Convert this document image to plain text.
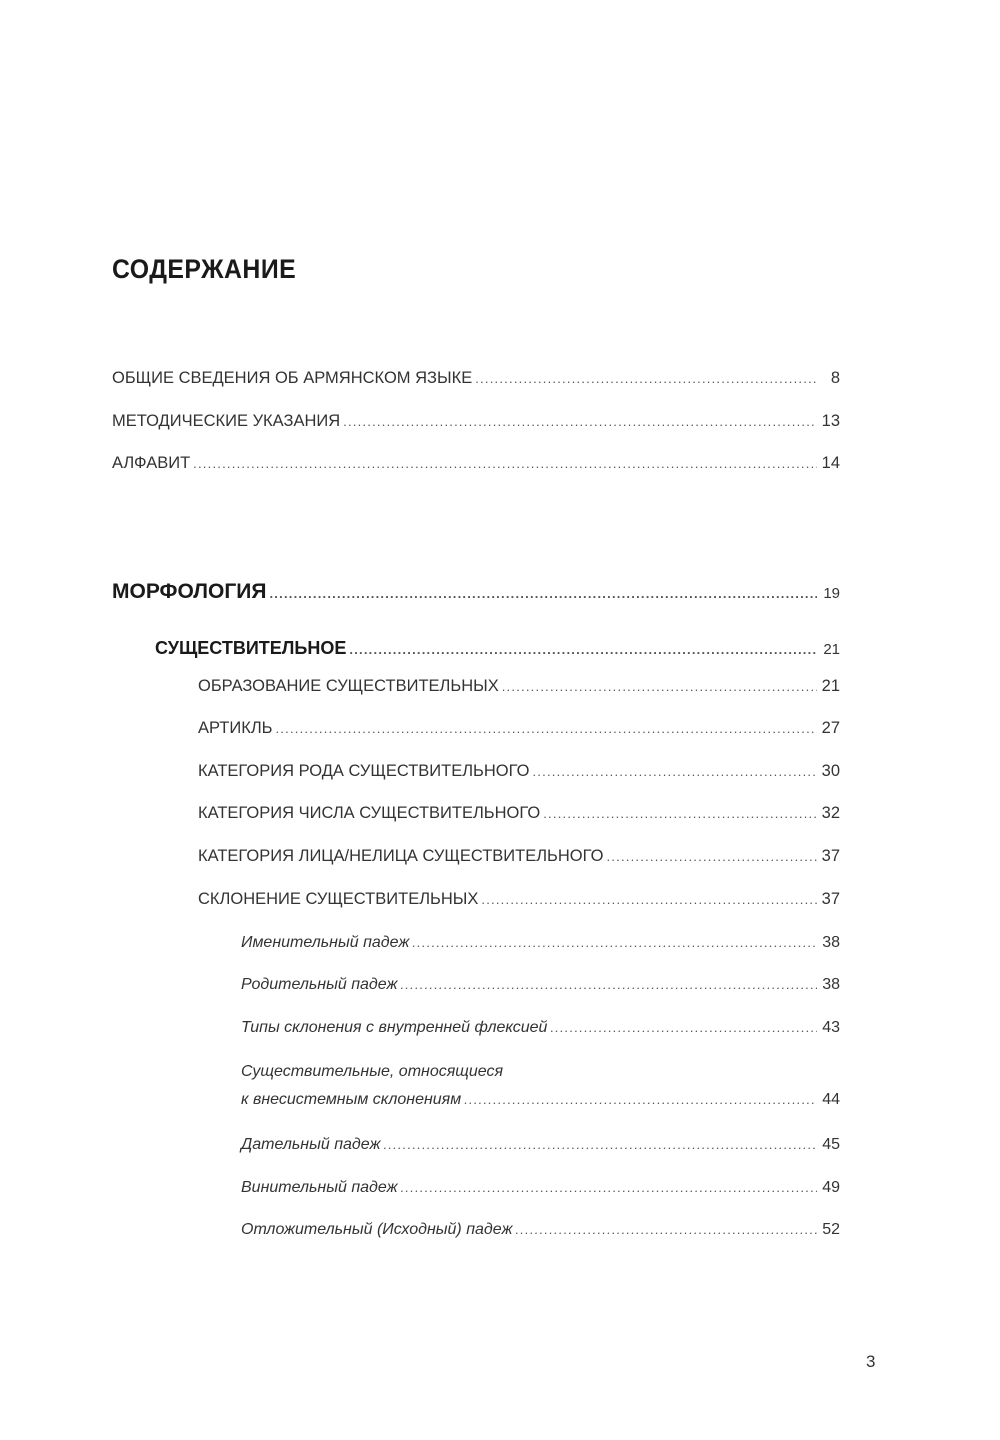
СОДЕРЖАНИЕ
ОБЩИЕ СВЕДЕНИЯ ОБ АРМЯНСКОМ ЯЗЫКЕ . . .	8
МЕТОДИЧЕСКИЕ УКАЗАНИЯ . . .	13
АЛФАВИТ . . .	14
МОРФОЛОГИЯ . . .	19
СУЩЕСТВИТЕЛЬНОЕ . . .	21
ОБРАЗОВАНИЕ СУЩЕСТВИТЕЛЬНЫХ . . .	21
АРТИКЛЬ . . .	27
КАТЕГОРИЯ РОДА СУЩЕСТВИТЕЛЬНОГО . . .	30
КАТЕГОРИЯ ЧИСЛА СУЩЕСТВИТЕЛЬНОГО . . .	32
КАТЕГОРИЯ ЛИЦА/НЕЛИЦА СУЩЕСТВИТЕЛЬНОГО . . .	37
СКЛОНЕНИЕ СУЩЕСТВИТЕЛЬНЫХ . . .	37
Именительный падеж . . .	38
Родительный падеж . . .	38
Типы склонения с внутренней флексией . . .	43
Существительные, относящиеся
к внесистемным склонениям . . .	44
Дательный падеж . . .	45
Винительный падеж . . .	49
Отложительный (Исходный) падеж . . .	52
3
